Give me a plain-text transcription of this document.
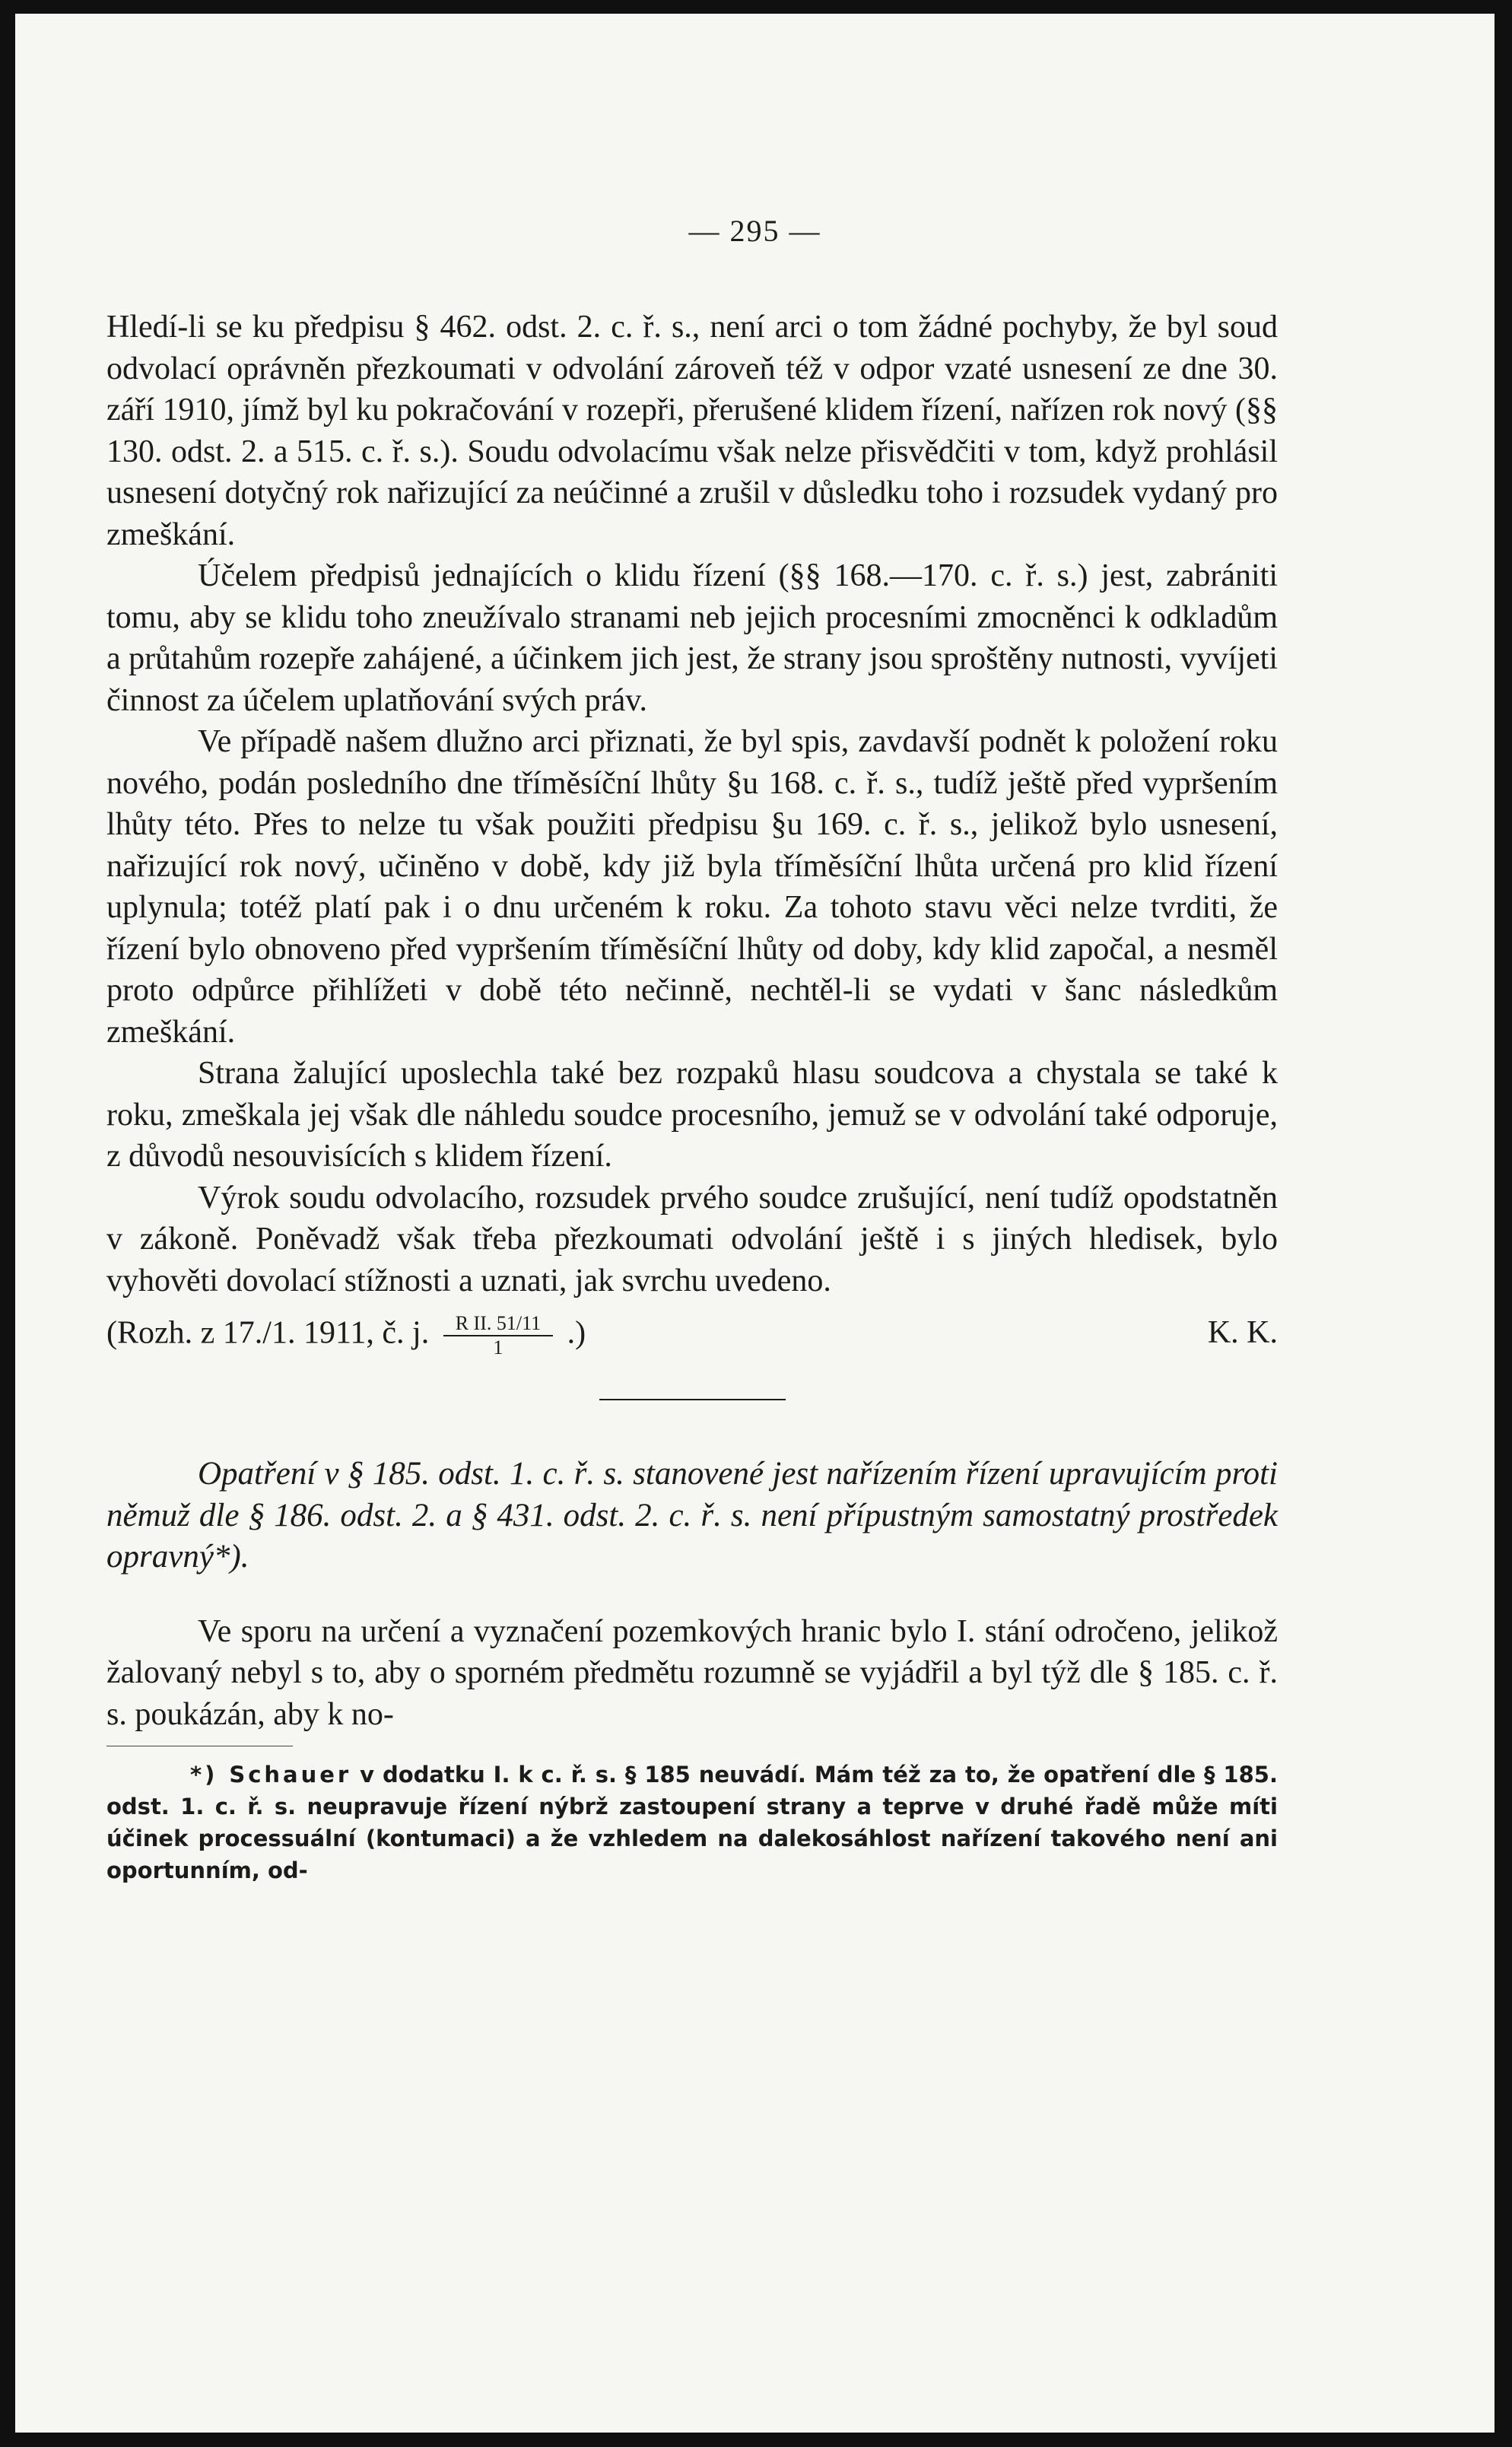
— 295 —

Hledí-li se ku předpisu § 462. odst. 2. c. ř. s., není arci o tom žádné pochyby, že byl soud odvolací oprávněn přezkoumati v odvolání zároveň též v odpor vzaté usnesení ze dne 30. září 1910, jímž byl ku pokračování v rozepři, přerušené klidem řízení, nařízen rok nový (§§ 130. odst. 2. a 515. c. ř. s.). Soudu odvolacímu však nelze přisvědčiti v tom, když prohlásil usnesení dotyčný rok nařizující za neúčinné a zrušil v důsledku toho i rozsudek vydaný pro zmeškání.

Účelem předpisů jednajících o klidu řízení (§§ 168.—170. c. ř. s.) jest, zabrániti tomu, aby se klidu toho zneužívalo stranami neb jejich procesními zmocněnci k odkladům a průtahům rozepře zahájené, a účinkem jich jest, že strany jsou sproštěny nutnosti, vyvíjeti činnost za účelem uplatňování svých práv.

Ve případě našem dlužno arci přiznati, že byl spis, zavdavší podnět k položení roku nového, podán posledního dne tříměsíční lhůty §u 168. c. ř. s., tudíž ještě před vypršením lhůty této. Přes to nelze tu však použiti předpisu §u 169. c. ř. s., jelikož bylo usnesení, nařizující rok nový, učiněno v době, kdy již byla tříměsíční lhůta určená pro klid řízení uplynula; totéž platí pak i o dnu určeném k roku. Za tohoto stavu věci nelze tvrditi, že řízení bylo obnoveno před vypršením tříměsíční lhůty od doby, kdy klid započal, a nesměl proto odpůrce přihlížeti v době této nečinně, nechtěl-li se vydati v šanc následkům zmeškání.

Strana žalující uposlechla také bez rozpaků hlasu soudcova a chystala se také k roku, zmeškala jej však dle náhledu soudce procesního, jemuž se v odvolání také odporuje, z důvodů nesouvisících s klidem řízení.

Výrok soudu odvolacího, rozsudek prvého soudce zrušující, není tudíž opodstatněn v zákoně. Poněvadž však třeba přezkoumati odvolání ještě i s jiných hledisek, bylo vyhověti dovolací stížnosti a uznati, jak svrchu uvedeno.

(Rozh. z 17./1. 1911, č. j. $\frac{\text{R II. 51/11}}{1}$ .)	K. K.

Opatření v § 185. odst. 1. c. ř. s. stanovené jest nařízením řízení upravujícím proti němuž dle § 186. odst. 2. a § 431. odst. 2. c. ř. s. není přípustným samostatný prostředek opravný*).

Ve sporu na určení a vyznačení pozemkových hranic bylo I. stání odročeno, jelikož žalovaný nebyl s to, aby o sporném předmětu rozumně se vyjádřil a byl týž dle § 185. c. ř. s. poukázán, aby k no-

*) Schauer v dodatku I. k c. ř. s. § 185 neuvádí. Mám též za to, že opatření dle § 185. odst. 1. c. ř. s. neupravuje řízení nýbrž zastoupení strany a teprve v druhé řadě může míti účinek processuální (kontumaci) a že vzhledem na dalekosáhlost nařízení takového není ani oportunním, od-
